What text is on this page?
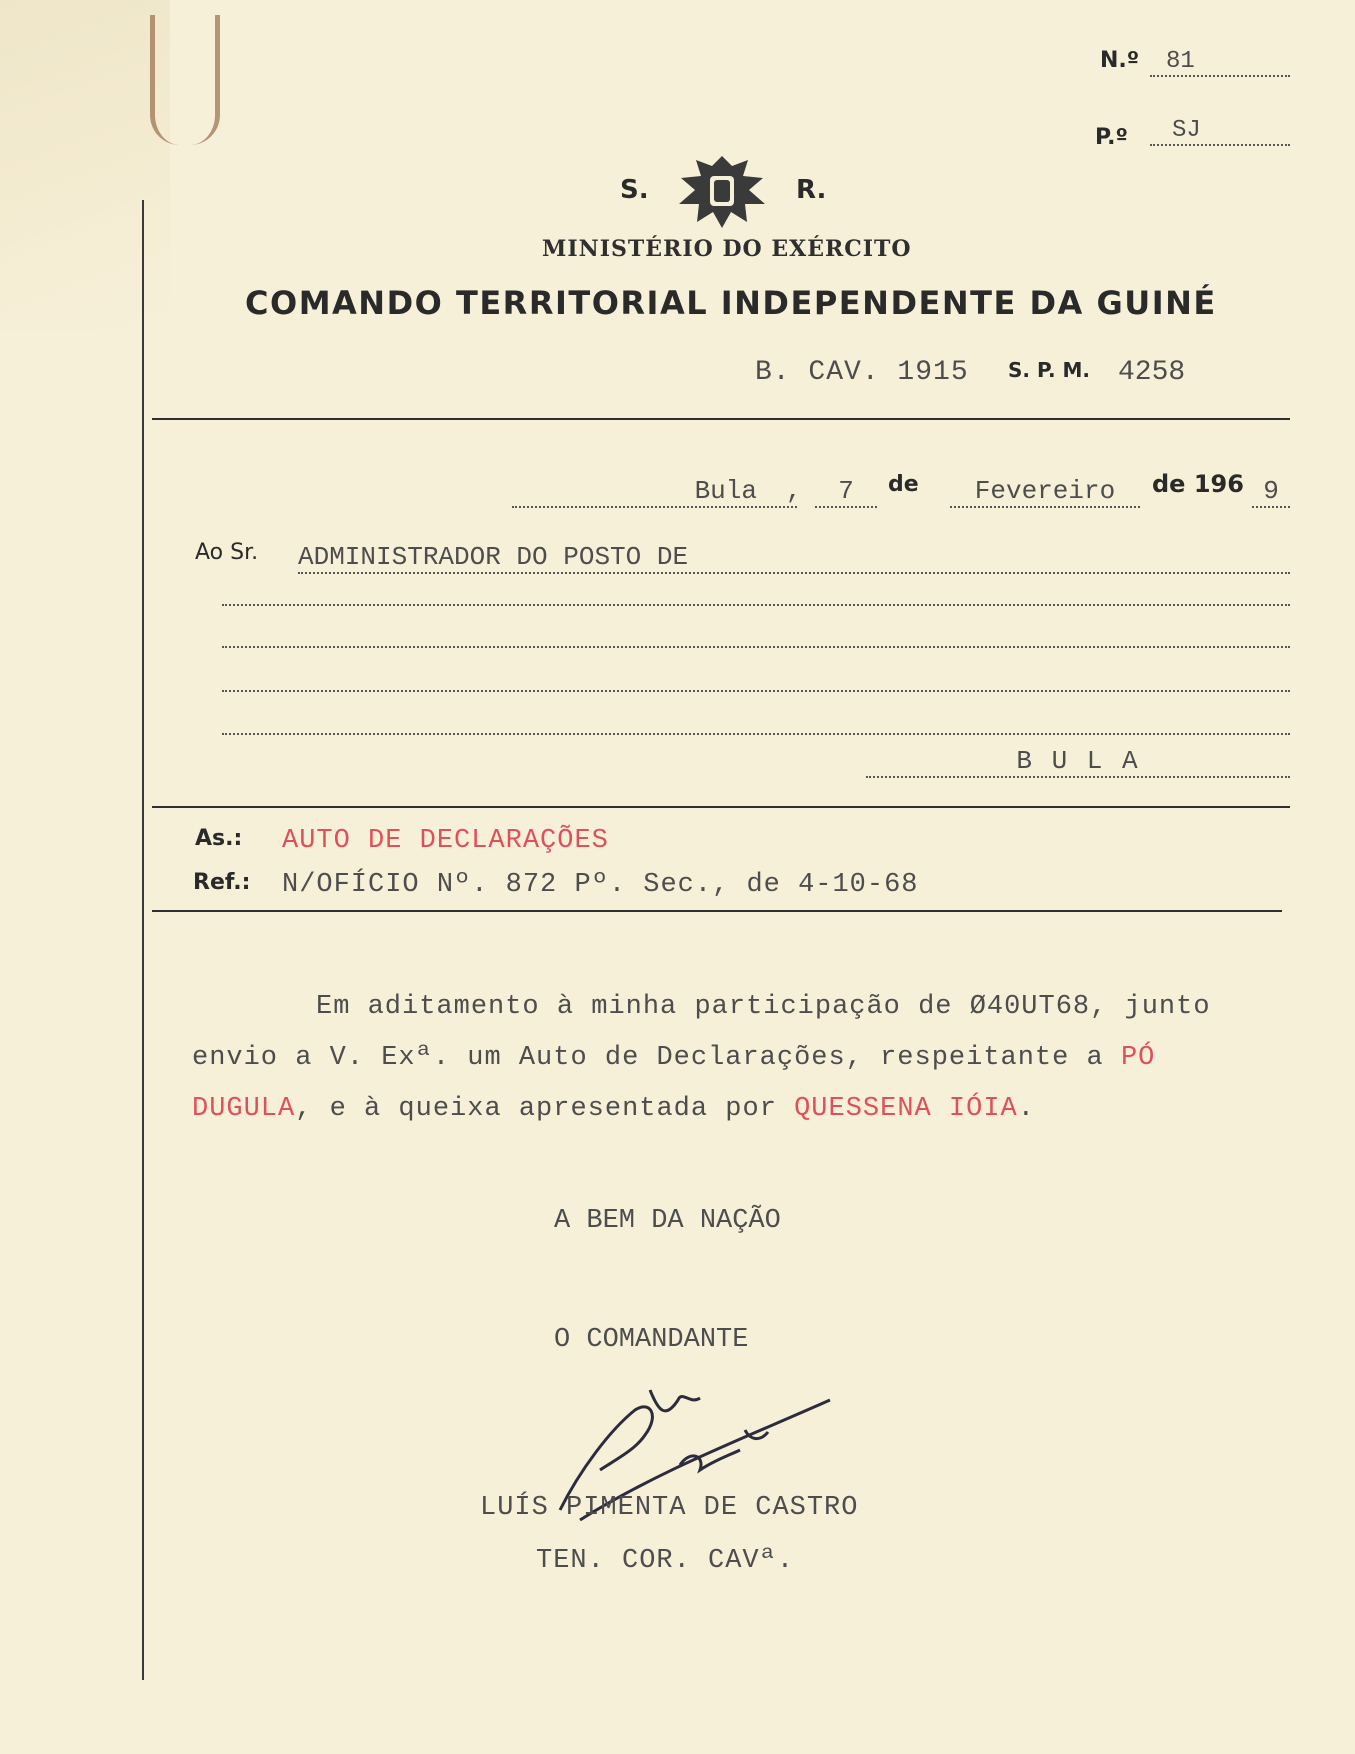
N.º	81
P.º	SJ
S.	R.
MINISTÉRIO DO EXÉRCITO
COMANDO TERRITORIAL INDEPENDENTE DA GUINÉ
B. CAV. 1915 S. P. M. 4258
Bula	,	7	de	Fevereiro	de 196 9
Ao Sr. ADMINISTRADOR DO POSTO DE
B U L A
As.: AUTO DE DECLARAÇÕES
Ref.: N/OFÍCIO Nº. 872 Pº. Sec., de 4-10-68
Em aditamento à minha participação de Ø40UT68, junto
envio a V. Exª. um Auto de Declarações, respeitante a PÓ
DUGULA, e à queixa apresentada por QUESSENA IÓIA.
A BEM DA NAÇÃO
O COMANDANTE
LUÍS PIMENTA DE CASTRO
TEN. COR. CAVª.
